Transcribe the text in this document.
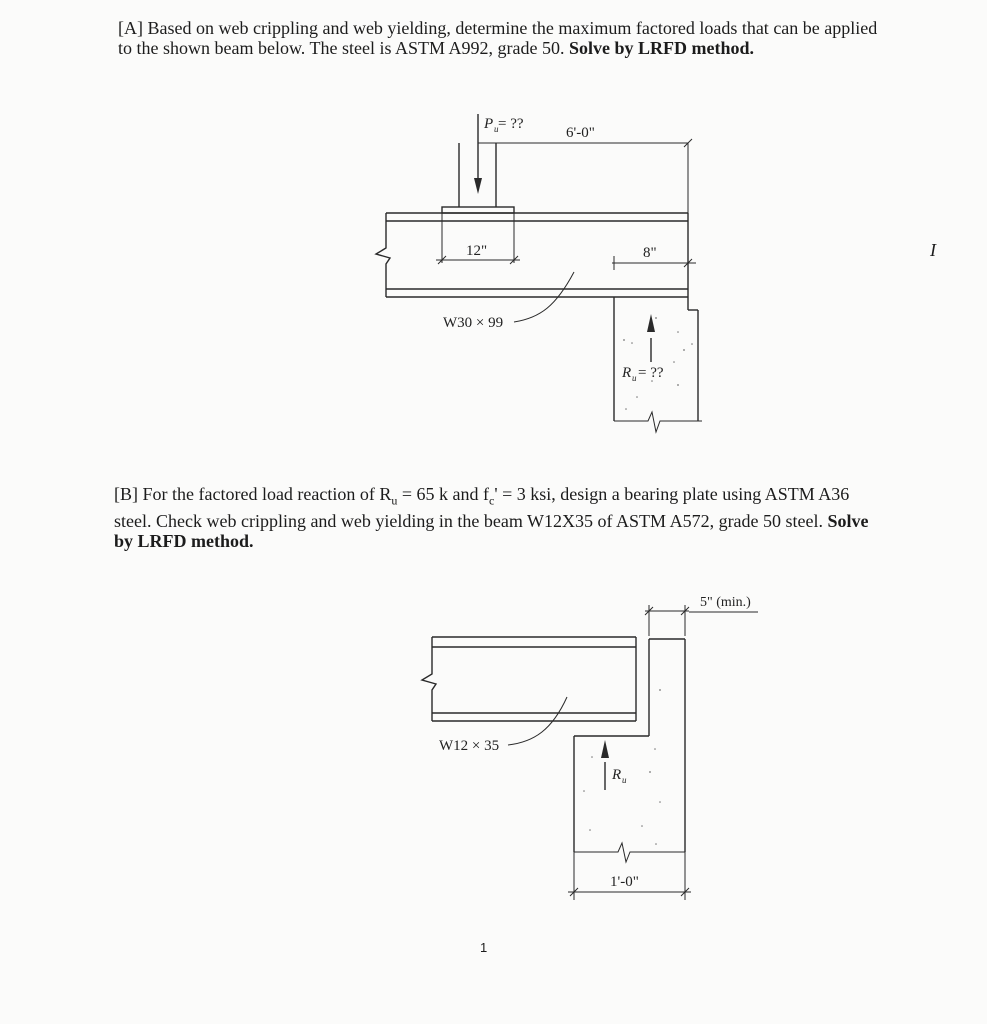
[A] Based on web crippling and web yielding, determine the maximum factored loads that can be applied to the shown beam below. The steel is ASTM A992, grade 50. Solve by LRFD method.

[B] For the factored load reaction of $R_u = 65$ k and $f_c' = 3$ ksi, design a bearing plate using ASTM A36 steel. Check web crippling and web yielding in the beam W12X35 of ASTM A572, grade 50 steel. Solve by LRFD method.

P u = ??
6'-0"
12"	8"
W30 × 99
R u = ??
5" (min.)
W12 × 35
R u
1'-0"
I
1
